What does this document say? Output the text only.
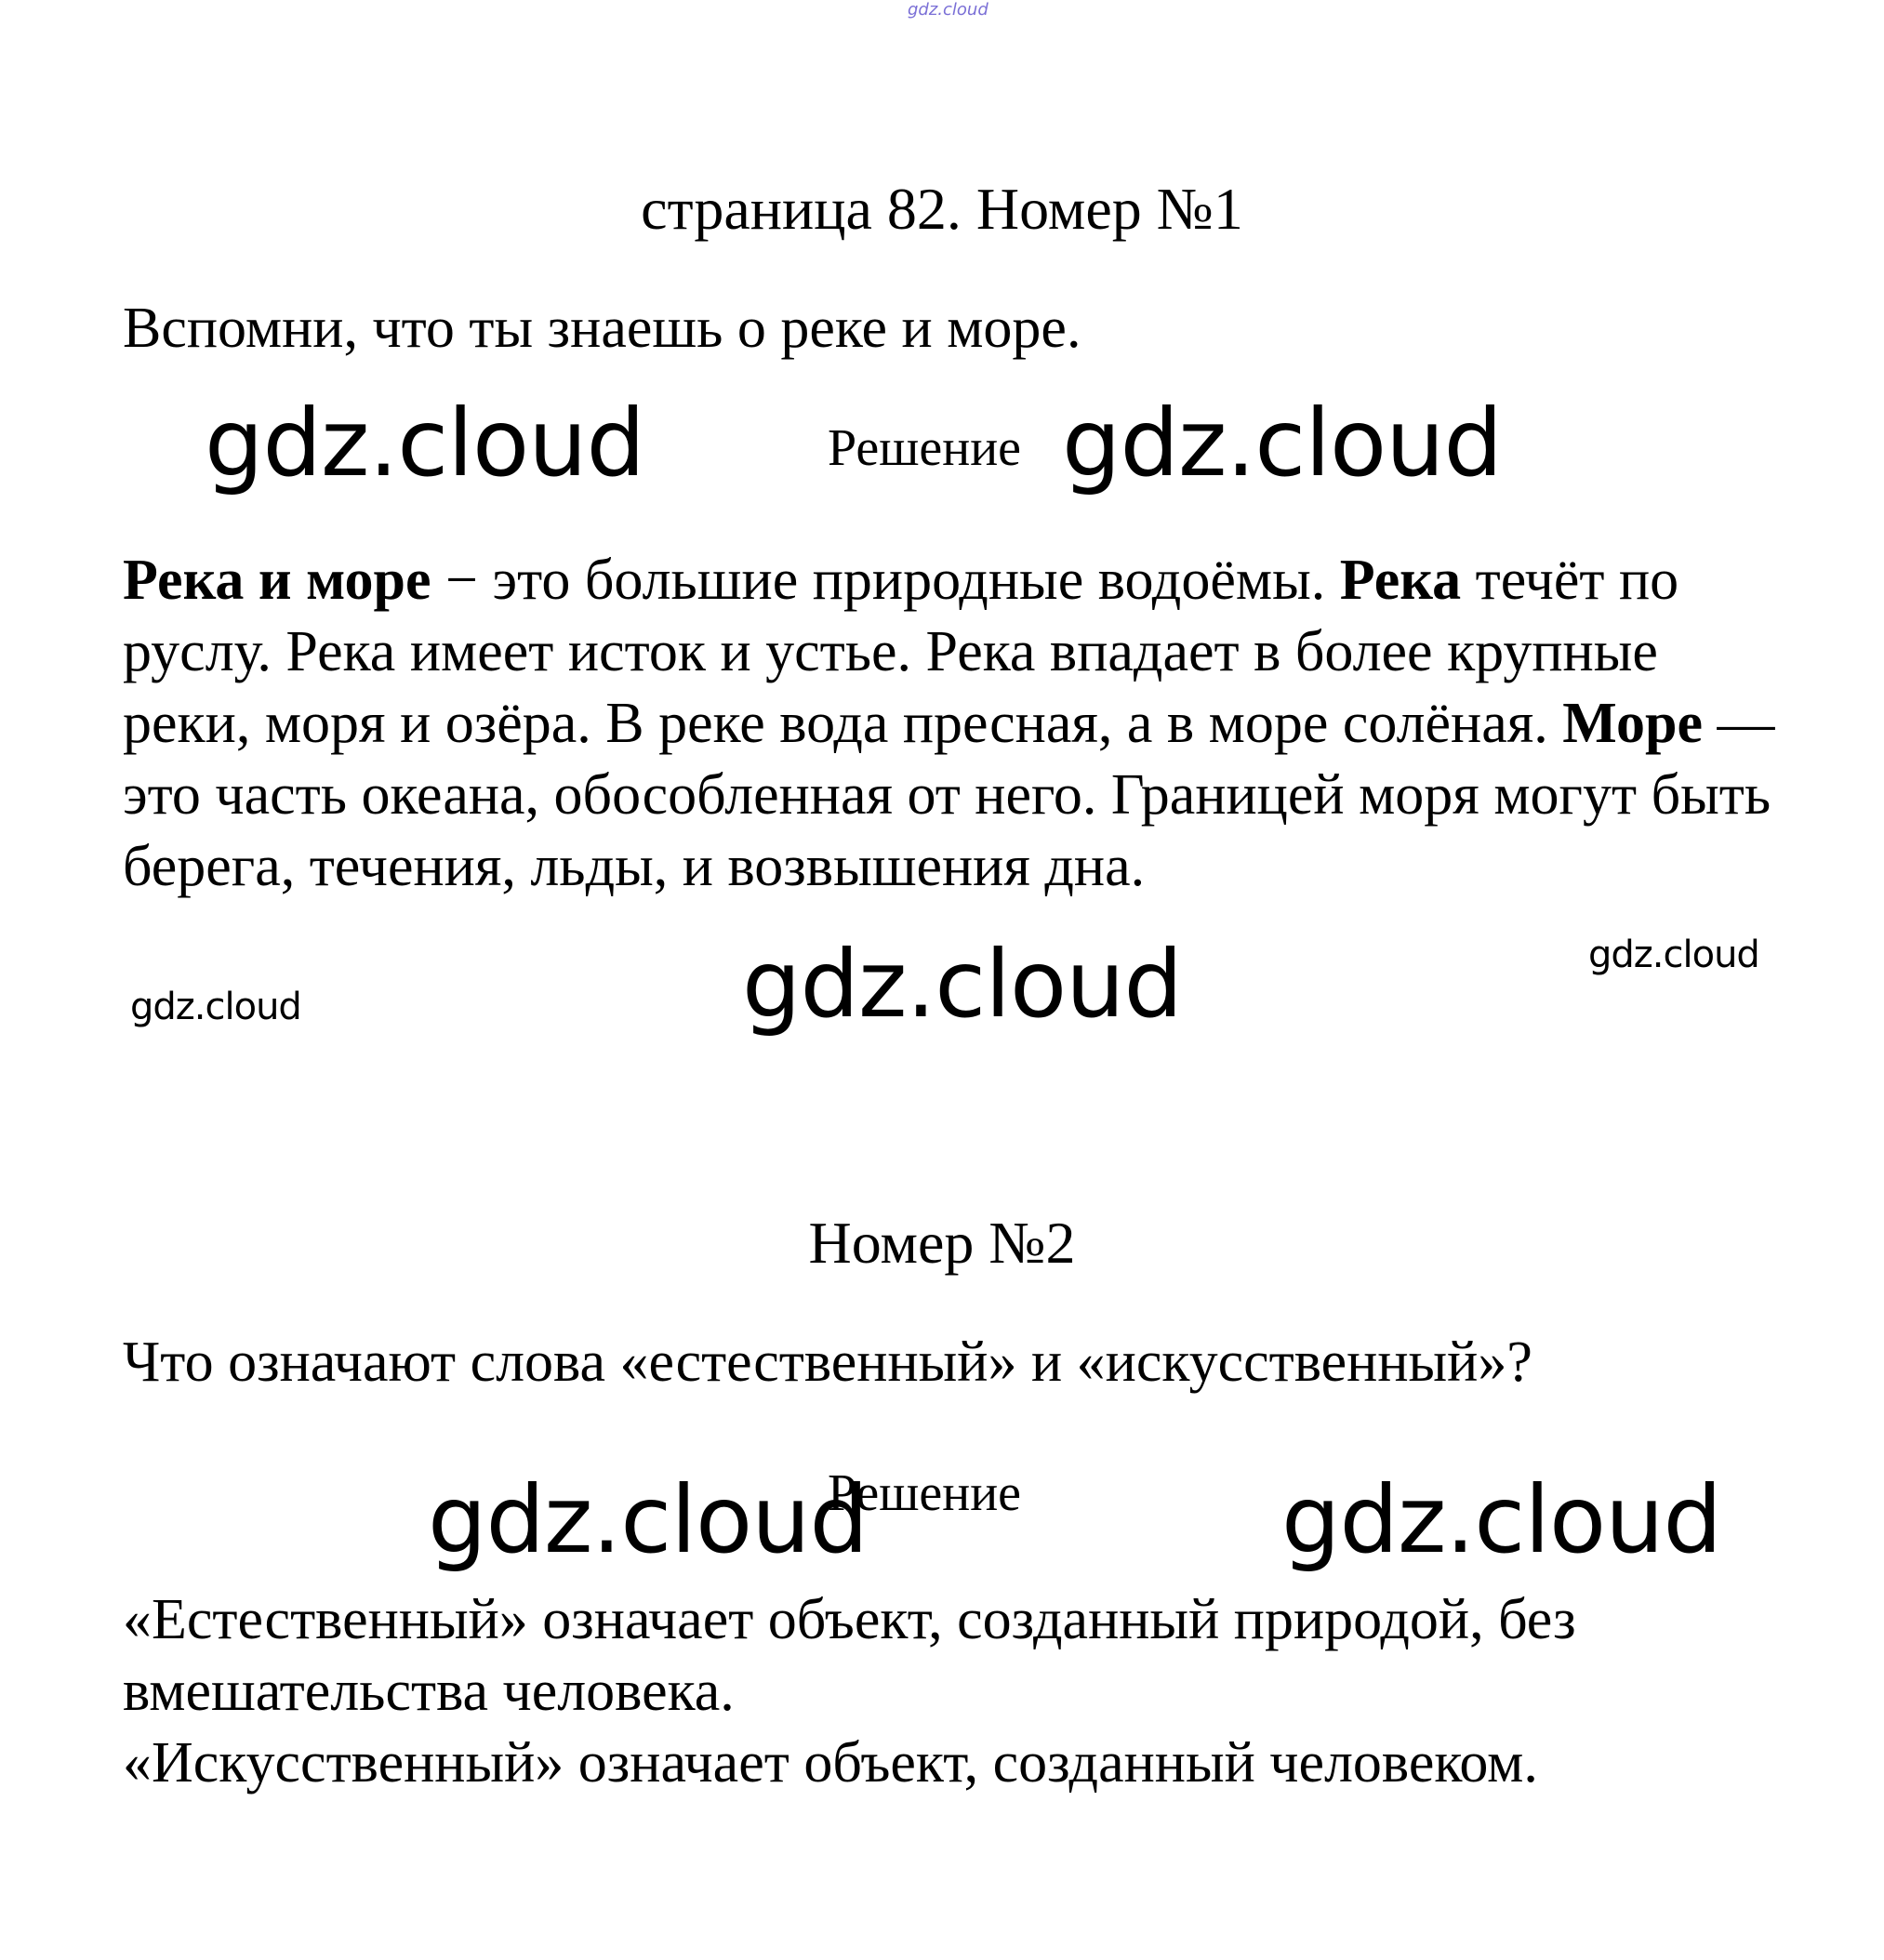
gdz.cloud
страница 82. Номер №1

Вспомни, что ты знаешь о реке и море.

gdz.cloud	Решение gdz.cloud

Река и море − это большие природные водоёмы. Река течёт по руслу. Река имеет исток и устье. Река впадает в более крупные реки, моря и озёра. В реке вода пресная, а в море солёная. Море — это часть океана, обособленная от него. Границей моря могут быть берега, течения, льды, и возвышения дна.

gdz.cloud
gdz.cloud
gdz.cloud
Номер №2

Что означают слова «естественный» и «искусственный»?

gdz.cloud
Решение	gdz.cloud

«Естественный» означает объект, созданный природой, без вмешательства человека.

«Искусственный» означает объект, созданный человеком.
